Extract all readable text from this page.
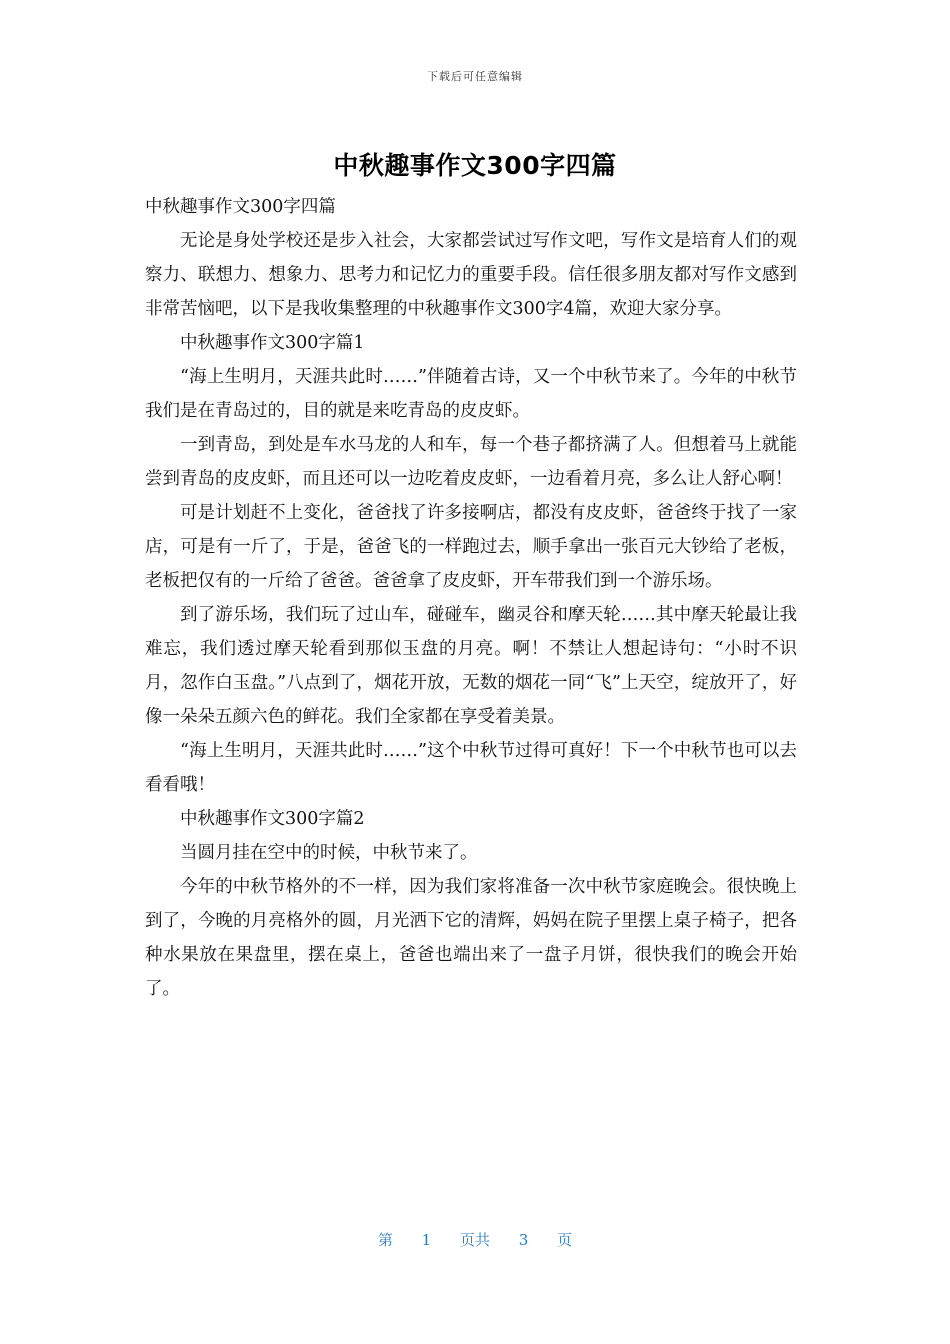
下载后可任意编辑
中秋趣事作文300字四篇

中秋趣事作文300字四篇

无论是身处学校还是步入社会，大家都尝试过写作文吧，写作文是培育人们的观察力、联想力、想象力、思考力和记忆力的重要手段。信任很多朋友都对写作文感到非常苦恼吧，以下是我收集整理的中秋趣事作文300字4篇，欢迎大家分享。

中秋趣事作文300字篇1

“海上生明月，天涯共此时……”伴随着古诗，又一个中秋节来了。今年的中秋节我们是在青岛过的，目的就是来吃青岛的皮皮虾。

一到青岛，到处是车水马龙的人和车，每一个巷子都挤满了人。但想着马上就能尝到青岛的皮皮虾，而且还可以一边吃着皮皮虾，一边看着月亮，多么让人舒心啊！

可是计划赶不上变化，爸爸找了许多接啊店，都没有皮皮虾，爸爸终于找了一家店，可是有一斤了，于是，爸爸飞的一样跑过去，顺手拿出一张百元大钞给了老板，老板把仅有的一斤给了爸爸。爸爸拿了皮皮虾，开车带我们到一个游乐场。

到了游乐场，我们玩了过山车，碰碰车，幽灵谷和摩天轮……其中摩天轮最让我难忘，我们透过摩天轮看到那似玉盘的月亮。啊！不禁让人想起诗句：“小时不识月，忽作白玉盘。”八点到了，烟花开放，无数的烟花一同“飞”上天空，绽放开了，好像一朵朵五颜六色的鲜花。我们全家都在享受着美景。

“海上生明月，天涯共此时……”这个中秋节过得可真好！下一个中秋节也可以去看看哦！

中秋趣事作文300字篇2

当圆月挂在空中的时候，中秋节来了。

今年的中秋节格外的不一样，因为我们家将准备一次中秋节家庭晚会。很快晚上到了，今晚的月亮格外的圆，月光洒下它的清辉，妈妈在院子里摆上桌子椅子，把各种水果放在果盘里，摆在桌上，爸爸也端出来了一盘子月饼，很快我们的晚会开始了。

第 1 页共 3 页
